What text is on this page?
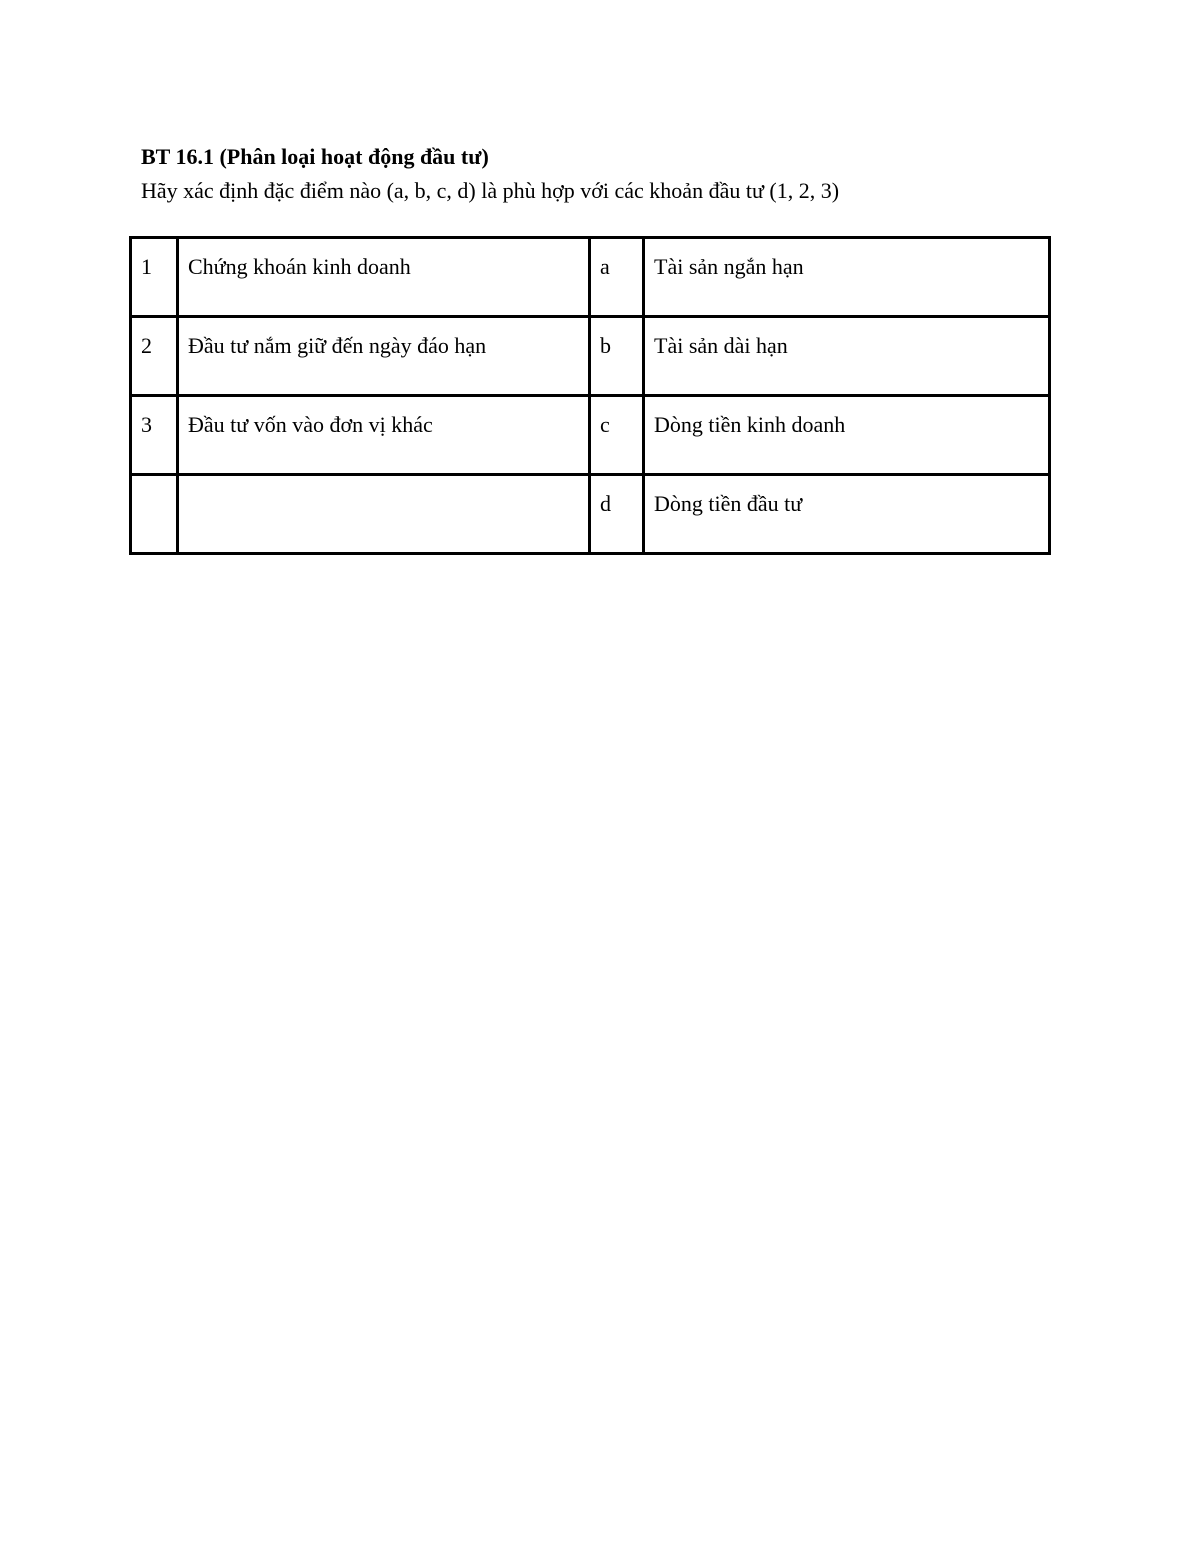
BT 16.1 (Phân loại hoạt động đầu tư)
Hãy xác định đặc điểm nào (a, b, c, d) là phù hợp với các khoản đầu tư (1, 2, 3)
1	Chứng khoán kinh doanh	a	Tài sản ngắn hạn
2	Đầu tư nắm giữ đến ngày đáo hạn	b	Tài sản dài hạn
3	Đầu tư vốn vào đơn vị khác	c	Dòng tiền kinh doanh
		d	Dòng tiền đầu tư
